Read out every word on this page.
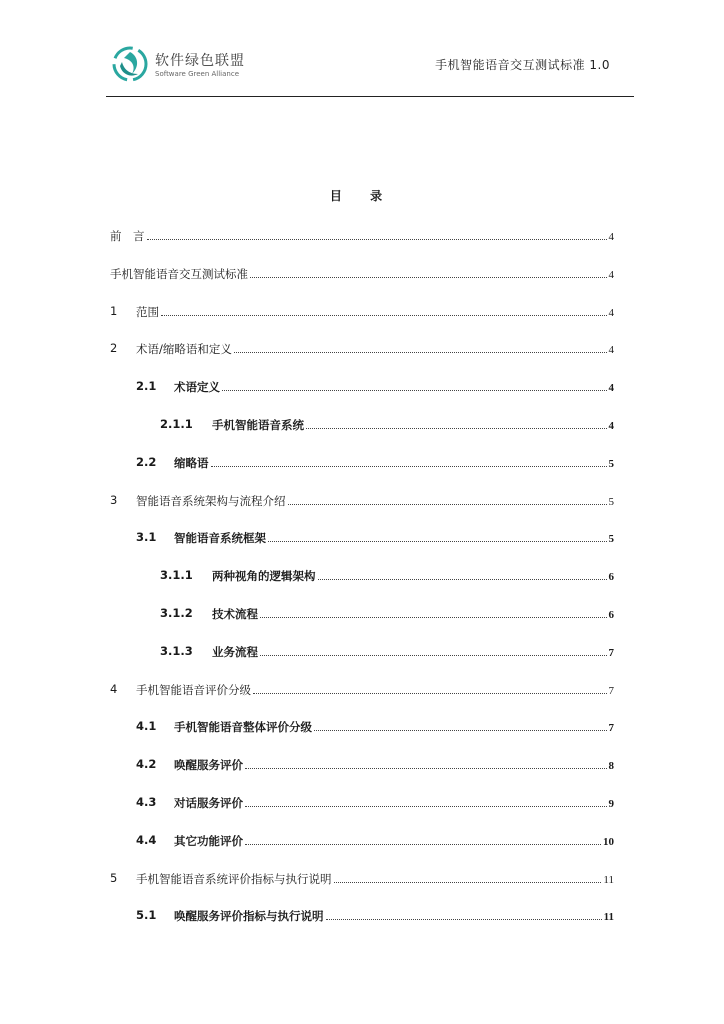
软件绿色联盟
Software Green Alliance
手机智能语音交互测试标准 1.0
目 录
前　言	4
手机智能语音交互测试标准	4
1 范围	4
2 术语/缩略语和定义	4
2.1 术语定义	4
2.1.1 手机智能语音系统	4
2.2 缩略语	5
3 智能语音系统架构与流程介绍	5
3.1 智能语音系统框架	5
3.1.1 两种视角的逻辑架构	6
3.1.2 技术流程	6
3.1.3 业务流程	7
4 手机智能语音评价分级	7
4.1 手机智能语音整体评价分级	7
4.2 唤醒服务评价	8
4.3 对话服务评价	9
4.4 其它功能评价	10
5 手机智能语音系统评价指标与执行说明	11
5.1 唤醒服务评价指标与执行说明	11
